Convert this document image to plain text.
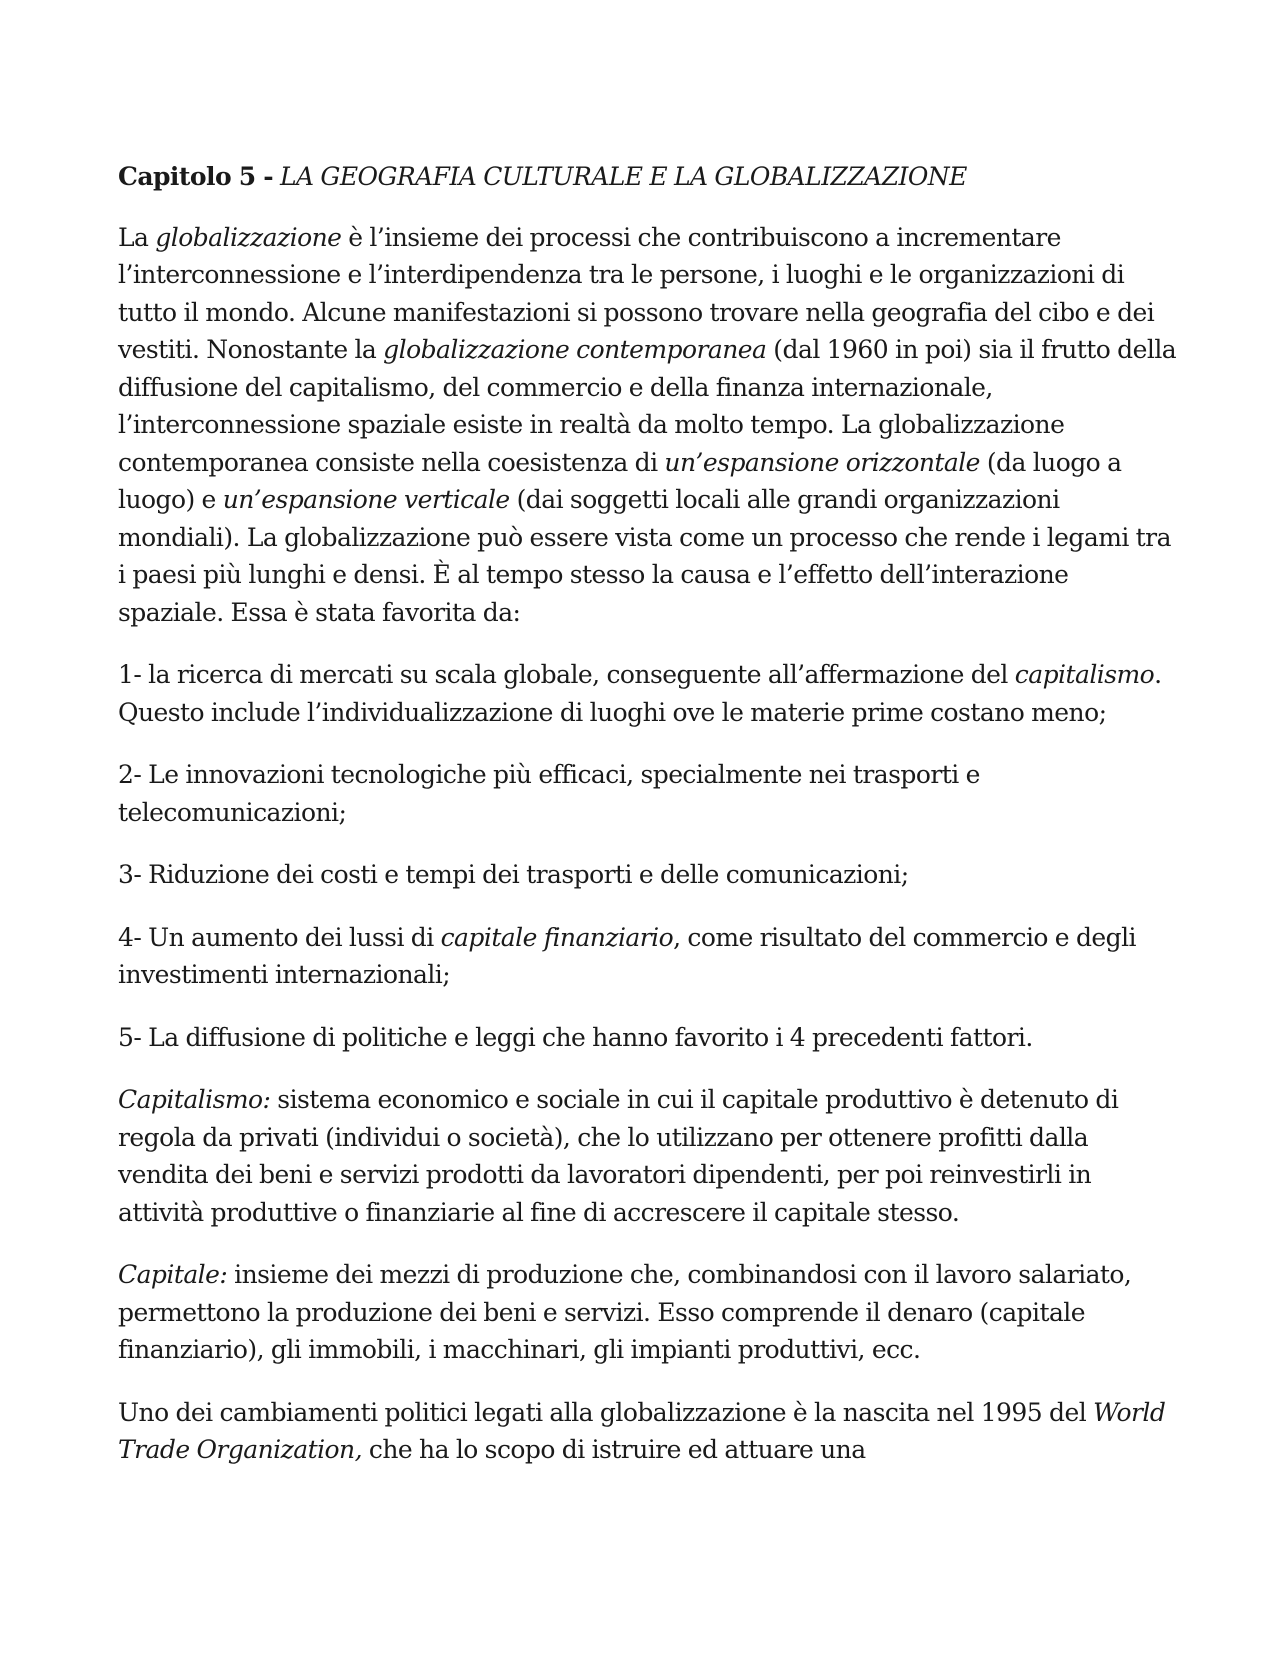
Capitolo 5 - LA GEOGRAFIA CULTURALE E LA GLOBALIZZAZIONE

La globalizzazione è l’insieme dei processi che contribuiscono a incrementare l’interconnessione e l’interdipendenza tra le persone, i luoghi e le organizzazioni di tutto il mondo. Alcune manifestazioni si possono trovare nella geografia del cibo e dei vestiti. Nonostante la globalizzazione contemporanea (dal 1960 in poi) sia il frutto della diffusione del capitalismo, del commercio e della finanza internazionale, l’interconnessione spaziale esiste in realtà da molto tempo. La globalizzazione contemporanea consiste nella coesistenza di un’espansione orizzontale (da luogo a luogo) e un’espansione verticale (dai soggetti locali alle grandi organizzazioni mondiali). La globalizzazione può essere vista come un processo che rende i legami tra i paesi più lunghi e densi. È al tempo stesso la causa e l’effetto dell’interazione spaziale. Essa è stata favorita da:

1- la ricerca di mercati su scala globale, conseguente all’affermazione del capitalismo. Questo include l’individualizzazione di luoghi ove le materie prime costano meno;

2- Le innovazioni tecnologiche più efficaci, specialmente nei trasporti e telecomunicazioni;

3- Riduzione dei costi e tempi dei trasporti e delle comunicazioni;

4- Un aumento dei lussi di capitale finanziario, come risultato del commercio e degli investimenti internazionali;

5- La diffusione di politiche e leggi che hanno favorito i 4 precedenti fattori.

Capitalismo: sistema economico e sociale in cui il capitale produttivo è detenuto di regola da privati (individui o società), che lo utilizzano per ottenere profitti dalla vendita dei beni e servizi prodotti da lavoratori dipendenti, per poi reinvestirli in attività produttive o finanziarie al fine di accrescere il capitale stesso.

Capitale: insieme dei mezzi di produzione che, combinandosi con il lavoro salariato, permettono la produzione dei beni e servizi. Esso comprende il denaro (capitale finanziario), gli immobili, i macchinari, gli impianti produttivi, ecc.

Uno dei cambiamenti politici legati alla globalizzazione è la nascita nel 1995 del World Trade Organization, che ha lo scopo di istruire ed attuare una
